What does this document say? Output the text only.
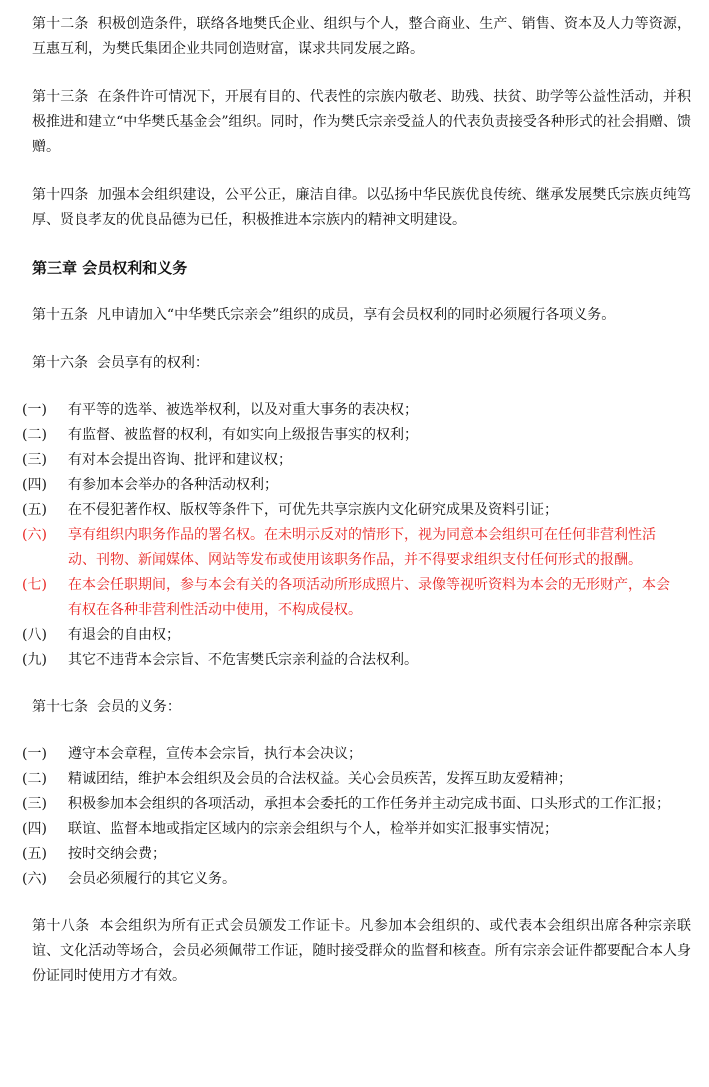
第十二条 积极创造条件，联络各地樊氏企业、组织与个人，整合商业、生产、销售、资本及人力等资源，互惠互利，为樊氏集团企业共同创造财富，谋求共同发展之路。

第十三条 在条件许可情况下，开展有目的、代表性的宗族内敬老、助残、扶贫、助学等公益性活动，并积极推进和建立“中华樊氏基金会”组织。同时，作为樊氏宗亲受益人的代表负责接受各种形式的社会捐赠、馈赠。

第十四条 加强本会组织建设，公平公正，廉洁自律。以弘扬中华民族优良传统、继承发展樊氏宗族贞纯笃厚、贤良孝友的优良品德为已任，积极推进本宗族内的精神文明建设。

第三章 会员权利和义务

第十五条 凡申请加入“中华樊氏宗亲会”组织的成员，享有会员权利的同时必须履行各项义务。

第十六条 会员享有的权利：

(一)	有平等的选举、被选举权利，以及对重大事务的表决权；
(二)	有监督、被监督的权利，有如实向上级报告事实的权利；
(三)	有对本会提出咨询、批评和建议权；
(四)	有参加本会举办的各种活动权利；
(五)	在不侵犯著作权、版权等条件下，可优先共享宗族内文化研究成果及资料引证；
(六)	享有组织内职务作品的署名权。在未明示反对的情形下，视为同意本会组织可在任何非营利性活动、刊物、新闻媒体、网站等发布或使用该职务作品，并不得要求组织支付任何形式的报酬。
(七)	在本会任职期间，参与本会有关的各项活动所形成照片、录像等视听资料为本会的无形财产，本会有权在各种非营利性活动中使用，不构成侵权。
(八)	有退会的自由权；
(九)	其它不违背本会宗旨、不危害樊氏宗亲利益的合法权利。

第十七条 会员的义务：

(一)	遵守本会章程，宣传本会宗旨，执行本会决议；
(二)	精诚团结，维护本会组织及会员的合法权益。关心会员疾苦，发挥互助友爱精神；
(三)	积极参加本会组织的各项活动，承担本会委托的工作任务并主动完成书面、口头形式的工作汇报；
(四)	联谊、监督本地或指定区域内的宗亲会组织与个人，检举并如实汇报事实情况；
(五)	按时交纳会费；
(六)	会员必须履行的其它义务。

第十八条 本会组织为所有正式会员颁发工作证卡。凡参加本会组织的、或代表本会组织出席各种宗亲联谊、文化活动等场合，会员必须佩带工作证，随时接受群众的监督和核查。所有宗亲会证件都要配合本人身份证同时使用方才有效。
